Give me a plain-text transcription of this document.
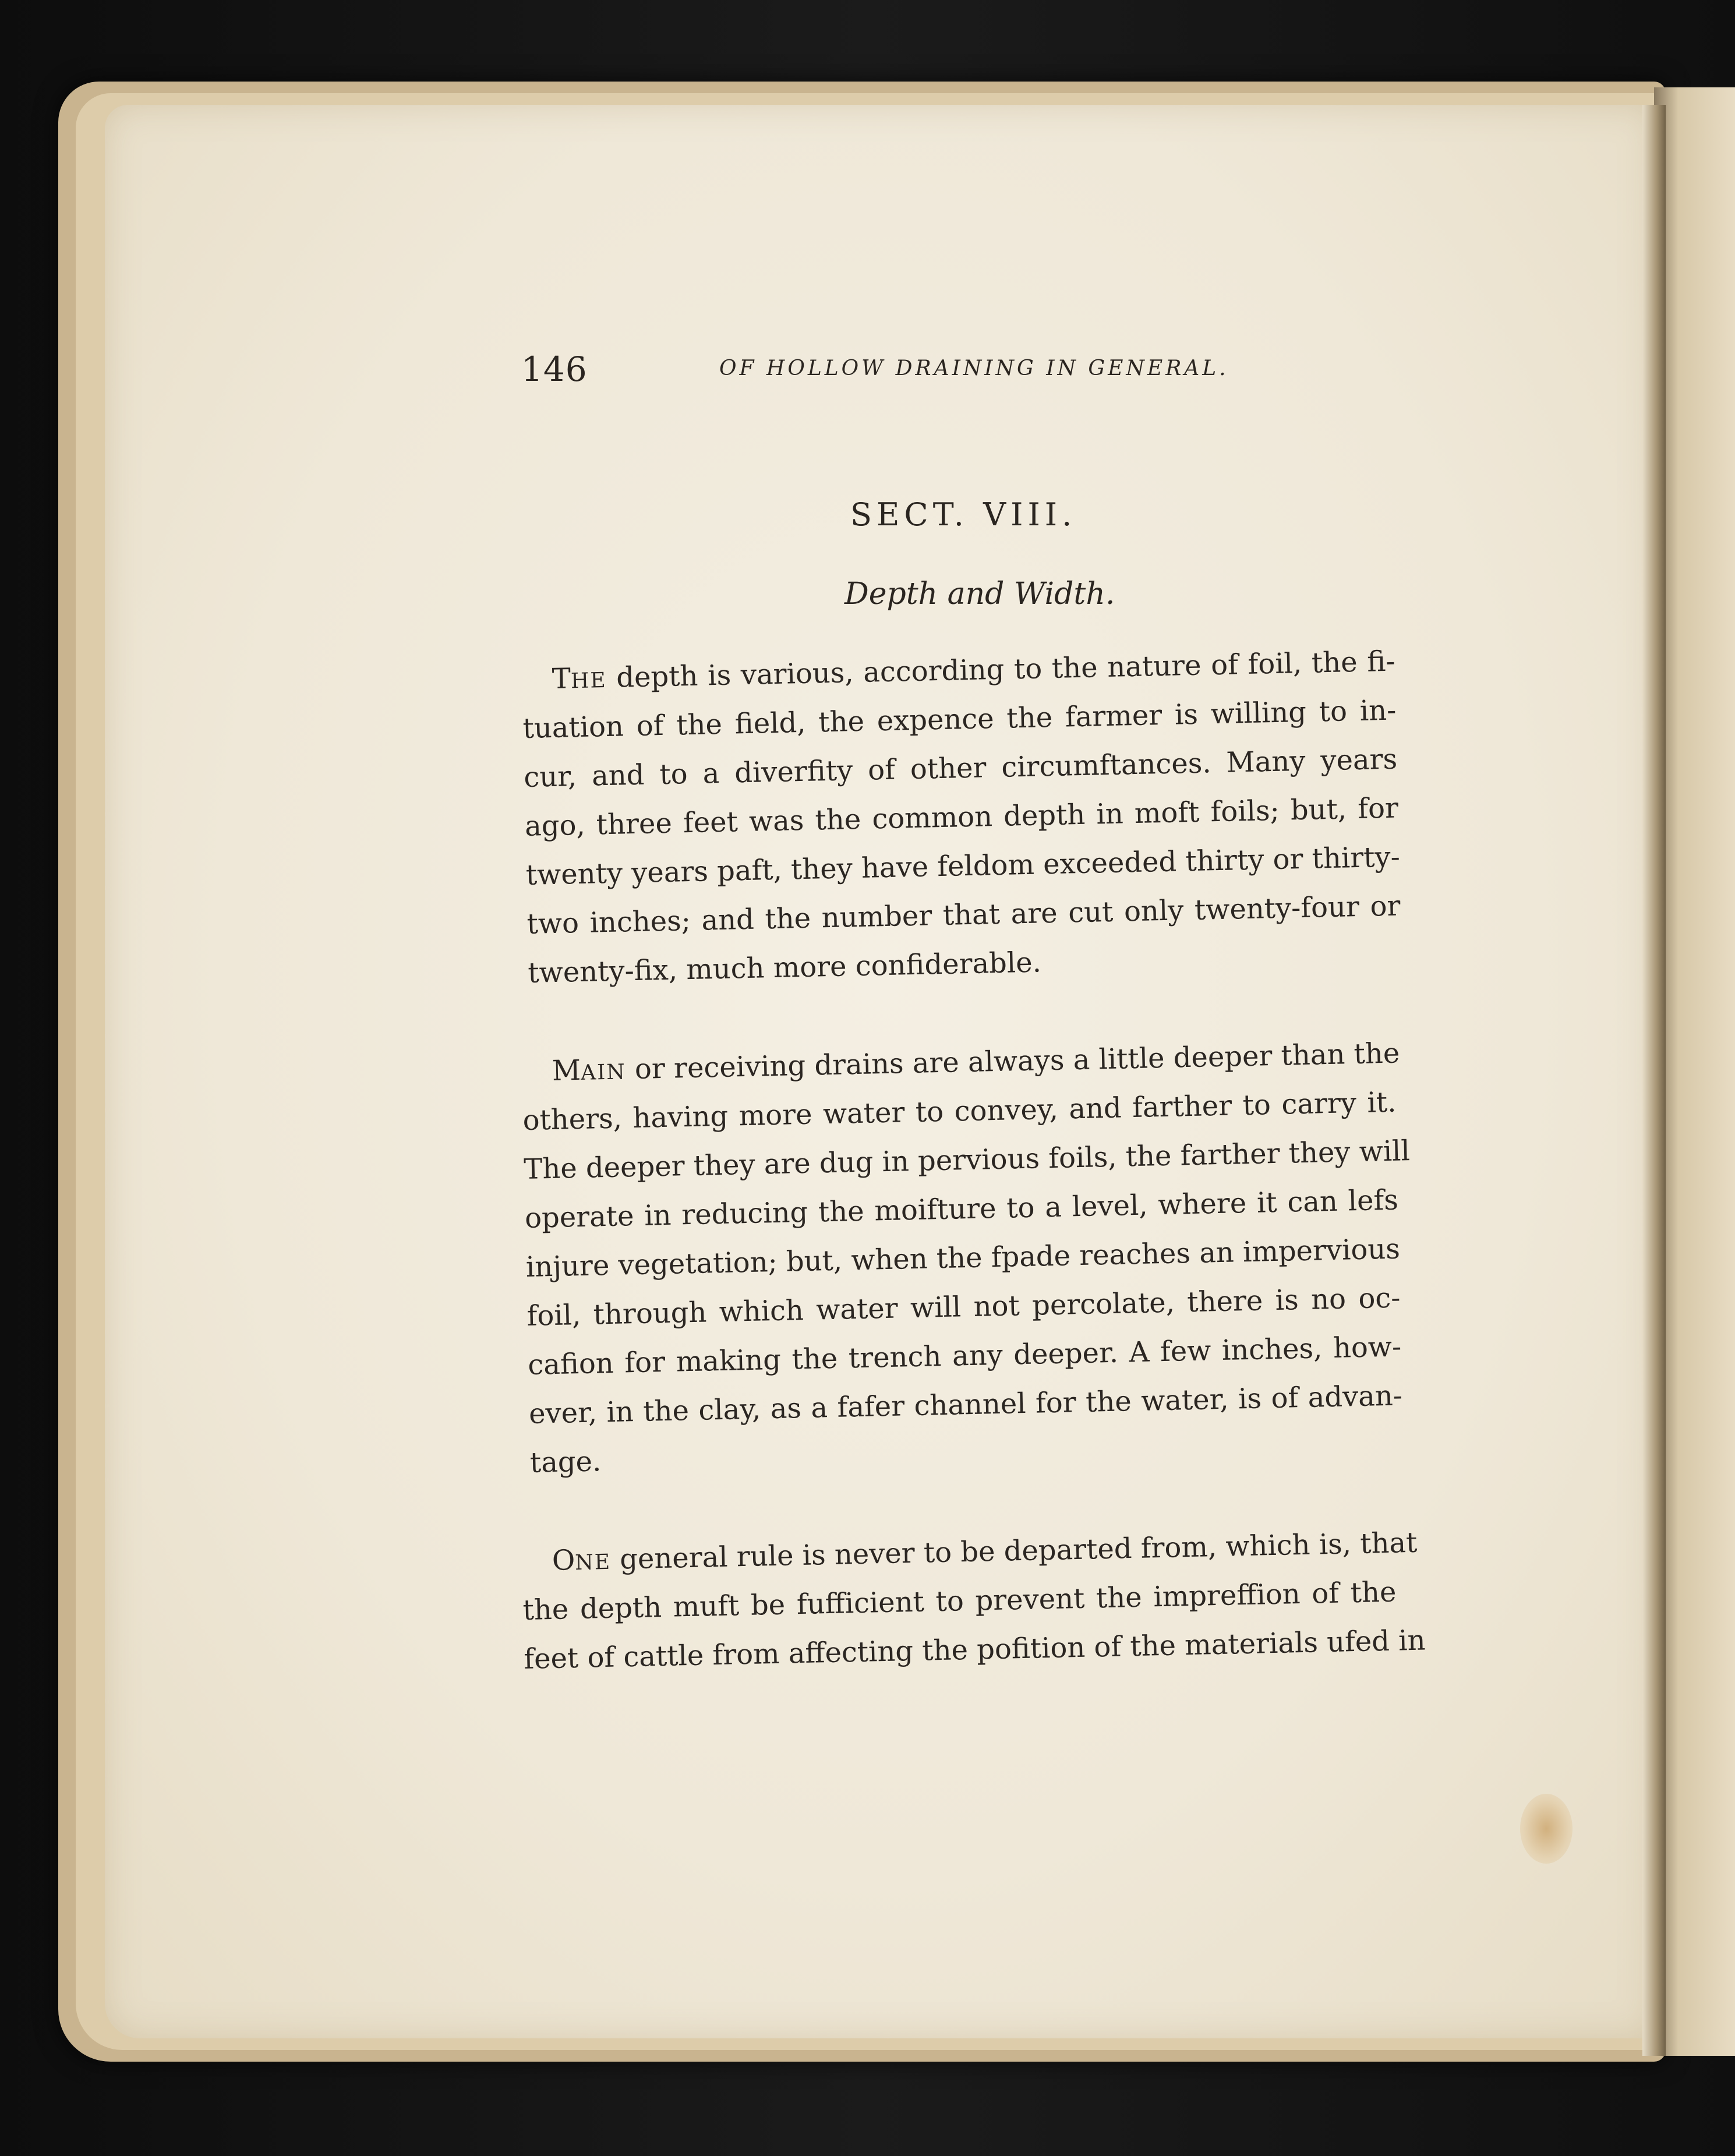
146	OF HOLLOW DRAINING IN GENERAL.
SECT. VIII.
Depth and Width.
THE depth is various, according to the nature of foil, the fi-
tuation of the field, the expence the farmer is willing to in-
cur, and to a diverfity of other circumftances. Many years
ago, three feet was the common depth in moft foils; but, for
twenty years paft, they have feldom exceeded thirty or thirty-
two inches; and the number that are cut only twenty-four or
twenty-fix, much more confiderable.
MAIN or receiving drains are always a little deeper than the
others, having more water to convey, and farther to carry it.
The deeper they are dug in pervious foils, the farther they will
operate in reducing the moifture to a level, where it can lefs
injure vegetation; but, when the fpade reaches an impervious
foil, through which water will not percolate, there is no oc-
cafion for making the trench any deeper. A few inches, how-
ever, in the clay, as a fafer channel for the water, is of advan-
tage.
ONE general rule is never to be departed from, which is, that
the depth muft be fufficient to prevent the impreffion of the
feet of cattle from affecting the pofition of the materials ufed in
